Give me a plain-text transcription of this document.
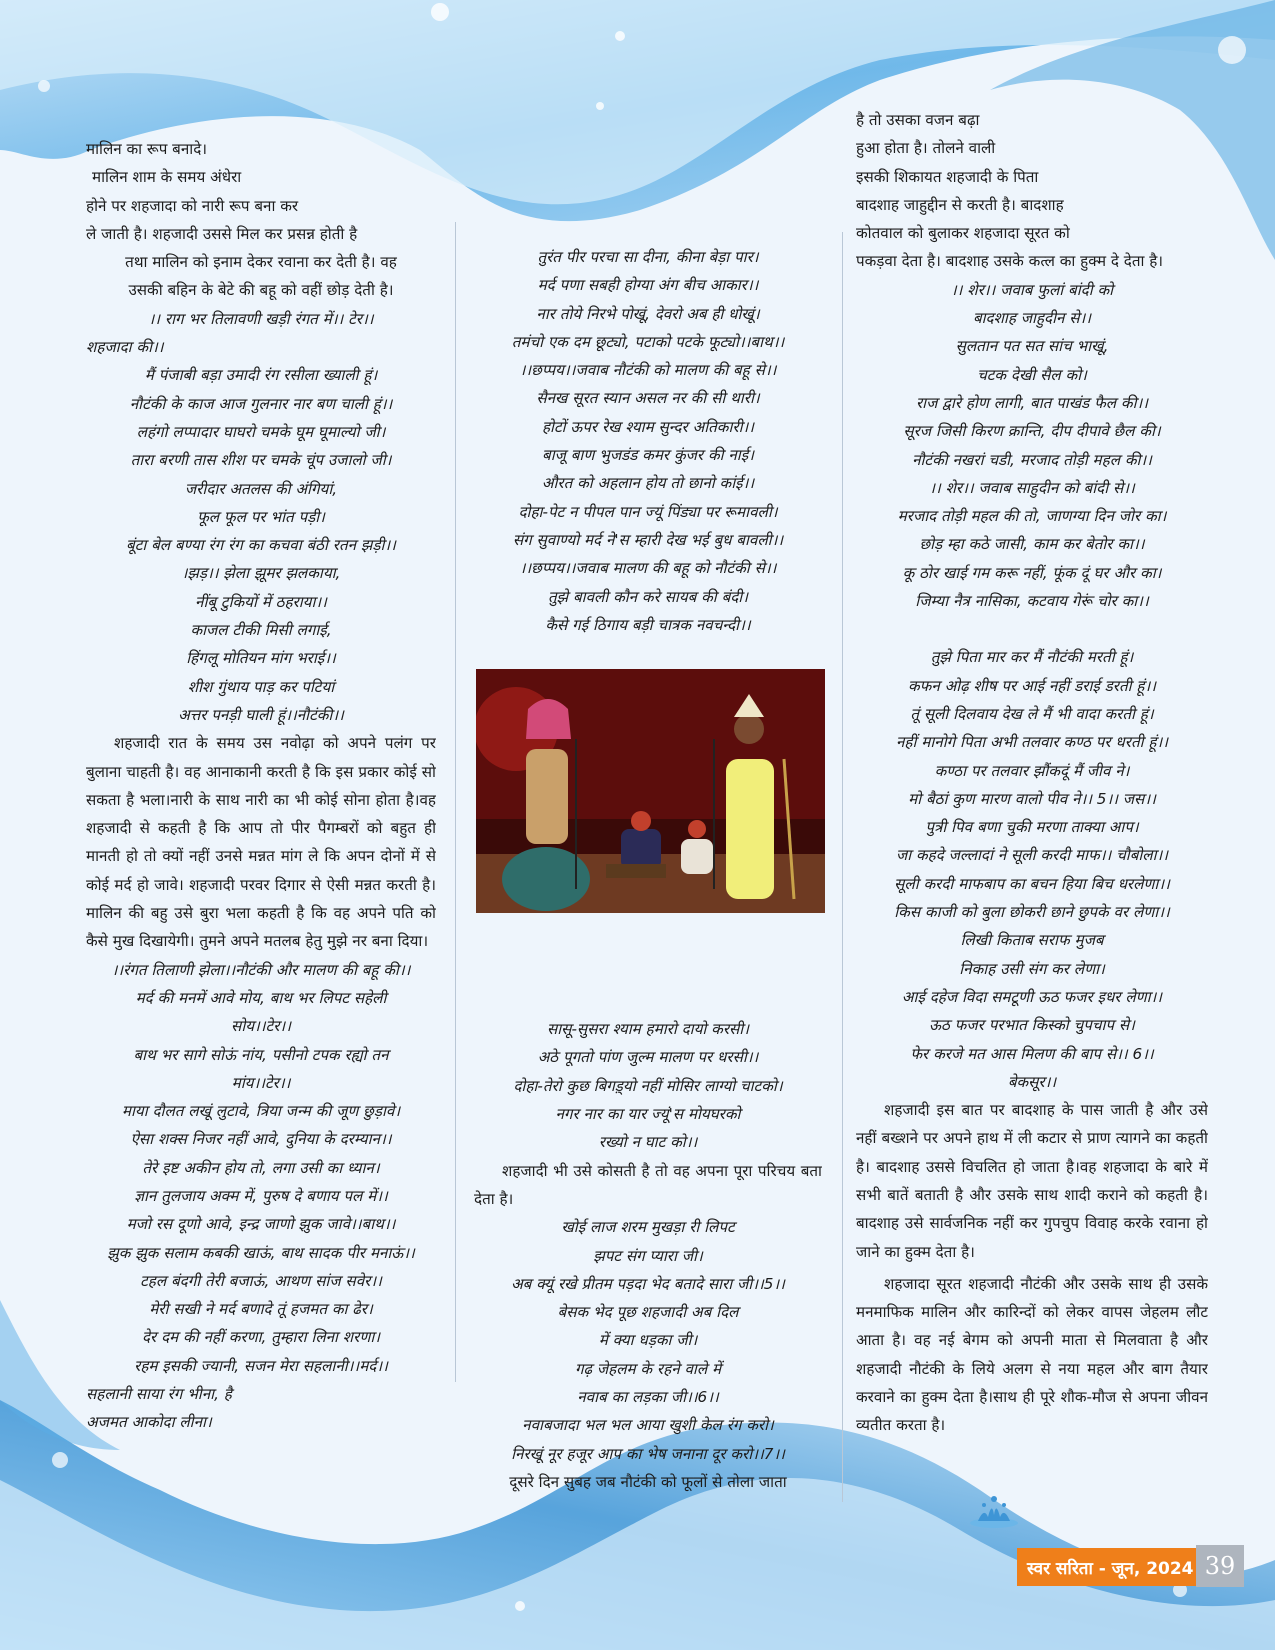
मालिन का रूप बनादे।
मालिन शाम के समय अंधेरा
होने पर शहजादा को नारी रूप बना कर
ले जाती है। शहजादी उससे मिल कर प्रसन्न होती है
तथा मालिन को इनाम देकर रवाना कर देती है। वह
उसकी बहिन के बेटे की बहू को वहीं छोड़ देती है।
।। राग भर तिलावणी खड़ी रंगत में।। टेर।।
शहजादा की।।
मैं पंजाबी बड़ा उमादी रंग रसीला ख्याली हूं।
नौटंकी के काज आज गुलनार नार बण चाली हूं।।
लहंगो लप्पादार घाघरो चमके घूम घूमाल्यो जी।
तारा बरणी तास शीश पर चमके चूंप उजालो जी।
जरीदार अतलस की अंगियां,
फूल फूल पर भांत पड़ी।
बूंटा बेल बण्या रंग रंग का कचवा बंठी रतन झड़ी।।
।झड़।। झेला झूमर झलकाया,
नींबू टुकियों में ठहराया।।
काजल टीकी मिसी लगाई,
हिंगलू मोतियन मांग भराई।।
शीश गुंथाय पाड़ कर पटियां
अत्तर पनड़ी घाली हूं।।नौटंकी।।
शहजादी रात के समय उस नवोढ़ा को अपने पलंग पर बुलाना चाहती है। वह आनाकानी करती है कि इस प्रकार कोई सो सकता है भला।नारी के साथ नारी का भी कोई सोना होता है।वह शहजादी से कहती है कि आप तो पीर पैगम्बरों को बहुत ही मानती हो तो क्यों नहीं उनसे मन्नत मांग ले कि अपन दोनों में से कोई मर्द हो जावे। शहजादी परवर दिगार से ऐसी मन्नत करती है। मालिन की बहु उसे बुरा भला कहती है कि वह अपने पति को कैसे मुख दिखायेगी। तुमने अपने मतलब हेतु मुझे नर बना दिया।
।।रंगत तिलाणी झेला।।नौटंकी और मालण की बहू की।।
मर्द की मनमें आवे मोय, बाथ भर लिपट सहेली
सोय।।टेर।।
बाथ भर सागे सोऊं नांय, पसीनो टपक रह्यो तन
मांय।।टेर।।
माया दौलत लखूं लुटावे, त्रिया जन्म की जूण छुड़ावे।
ऐसा शक्स निजर नहीं आवे, दुनिया के दरम्यान।।
तेरे इष्ट अकीन होय तो, लगा उसी का ध्यान।
ज्ञान तुलजाय अक्म में, पुरुष दे बणाय पल में।।
मजो रस दूणो आवे, इन्द्र जाणो झुक जावे।।बाथ।।
झुक झुक सलाम कबकी खाऊं, बाथ सादक पीर मनाऊं।।
टहल बंदगी तेरी बजाऊं, आथण सांज सवेर।।
मेरी सखी ने मर्द बणादे तूं हजमत का ढेर।
देर दम की नहीं करणा, तुम्हारा लिना शरणा।
रहम इसकी ज्यानी, सजन मेरा सहलानी।।मर्द।।
सहलानी साया रंग भीना, है
अजमत आकोदा लीना।
तुरंत पीर परचा सा दीना, कीना बेड़ा पार।
मर्द पणा सबही होग्या अंग बीच आकार।।
नार तोये निरभे पोखूं, देवरो अब ही धोखूं।
तमंचो एक दम छूट्यो, पटाको पटके फूट्यो।।बाथ।।
।।छप्पय।।जवाब नौटंकी को मालण की बहू से।।
सैनख सूरत स्यान असल नर की सी थारी।
होटों ऊपर रेख श्याम सुन्दर अतिकारी।।
बाजू बाण भुजडंड कमर कुंजर की नाई।
औरत को अहलान होय तो छानो कांई।।
दोहा-पेट न पीपल पान ज्यूं पिंड्या पर रूमावली।
संग सुवाण्यो मर्द ने'स म्हारी देख भई बुध बावली।।
।।छप्पय।।जवाब मालण की बहू को नौटंकी से।।
तुझे बावली कौन करे सायब की बंदी।
कैसे गई ठिगाय बड़ी चात्रक नवचन्दी।।
सासू-सुसरा श्याम हमारो दायो करसी।
अठे पूगतो पांण जुल्म मालण पर धरसी।।
दोहा-तेरो कुछ बिगड़्यो नहीं मोसिर लाग्यो चाटको।
नगर नार का यार ज्यूं'स मोयघरको
रख्यो न घाट को।।
शहजादी भी उसे कोसती है तो वह अपना पूरा परिचय बता देता है।
खोई लाज शरम मुखड़ा री लिपट
झपट संग प्यारा जी।
अब क्यूं रखे प्रीतम पड़दा भेद बतादे सारा जी।।5।।
बेसक भेद पूछ शहजादी अब दिल
में क्या धड़का जी।
गढ़ जेहलम के रहने वाले में
नवाब का लड़का जी।।6।।
नवाबजादा भल भल आया खुशी केल रंग करो।
निरखूं नूर हजूर आप का भेष जनाना दूर करो।।7।।
दूसरे दिन सुबह जब नौटंकी को फूलों से तोला जाता
है तो उसका वजन बढ़ा
हुआ होता है। तोलने वाली
इसकी शिकायत शहजादी के पिता
बादशाह जाहुद्दीन से करती है। बादशाह
कोतवाल को बुलाकर शहजादा सूरत को
पकड़वा देता है। बादशाह उसके कत्ल का हुक्म दे देता है।
।। शेर।। जवाब फुलां बांदी को
बादशाह जाहुदीन से।।
सुलतान पत सत सांच भाखूं,
चटक देखी सैल को।
राज द्वारे होण लागी, बात पाखंड फैल की।।
सूरज जिसी किरण क्रान्ति, दीप दीपावे छैल की।
नौटंकी नखरां चडी, मरजाद तोड़ी महल की।।
।। शेर।। जवाब साहुदीन को बांदी से।।
मरजाद तोड़ी महल की तो, जाणग्या दिन जोर का।
छोड़ म्हा कठे जासी, काम कर बेतोर का।।
कू ठोर खाई गम करू नहीं, फूंक दूं घर और का।
जिम्या नैत्र नासिका, कटवाय गेरूं चोर का।।
तुझे पिता मार कर मैं नौटंकी मरती हूं।
कफन ओढ़ शीष पर आई नहीं डराई डरती हूं।।
तूं सूली दिलवाय देख ले मैं भी वादा करती हूं।
नहीं मानोगे पिता अभी तलवार कण्ठ पर धरती हूं।।
कण्ठा पर तलवार झौंकदूं मैं जीव ने।
मो बैठां कुण मारण वालो पीव ने।। 5।। जस।।
पुत्री पिव बणा चुकी मरणा ताक्या आप।
जा कहदे जल्लादां ने सूली करदी माफ।। चौबोला।।
सूली करदी माफबाप का बचन हिया बिच धरलेणा।।
किस काजी को बुला छोकरी छाने छुपके वर लेणा।।
लिखी किताब सराफ मुजब
निकाह उसी संग कर लेणा।
आई दहेज विदा समटूणी ऊठ फजर इधर लेणा।।
ऊठ फजर परभात किस्को चुपचाप से।
फेर करजे मत आस मिलण की बाप से।। 6।।
बेकसूर।।
शहजादी इस बात पर बादशाह के पास जाती है और उसे नहीं बख्शने पर अपने हाथ में ली कटार से प्राण त्यागने का कहती है। बादशाह उससे विचलित हो जाता है।वह शहजादा के बारे में सभी बातें बताती है और उसके साथ शादी कराने को कहती है।बादशाह उसे सार्वजनिक नहीं कर गुपचुप विवाह करके रवाना हो जाने का हुक्म देता है।
शहजादा सूरत शहजादी नौटंकी और उसके साथ ही उसके मनमाफिक मालिन और कारिन्दों को लेकर वापस जेहलम लौट आता है। वह नई बेगम को अपनी माता से मिलवाता है और शहजादी नौटंकी के लिये अलग से नया महल और बाग तैयार करवाने का हुक्म देता है।साथ ही पूरे शौक-मौज से अपना जीवन व्यतीत करता है।
स्वर सरिता - जून, 2024 39
